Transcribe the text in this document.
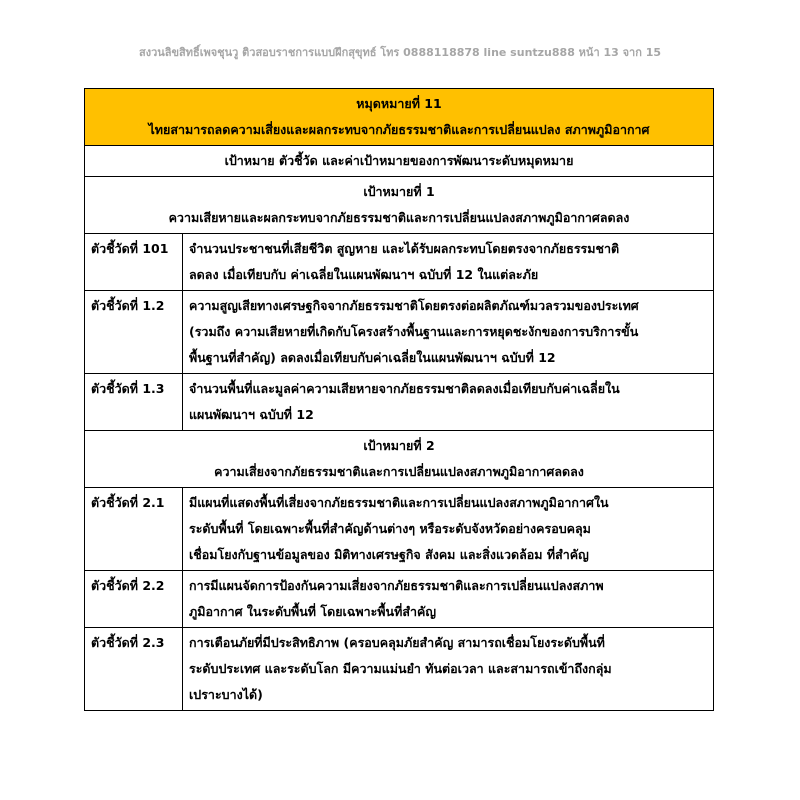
สงวนลิขสิทธิ์เพจชุนวู ติวสอบราชการแบบฝึกสุขุทธ์ โทร 0888118878 line suntzu888 หน้า 13 จาก 15
หมุดหมายที่ 11
ไทยสามารถลดความเสี่ยงและผลกระทบจากภัยธรรมชาติและการเปลี่ยนแปลง สภาพภูมิอากาศ	

เป้าหมาย ตัวชี้วัด และค่าเป้าหมายของการพัฒนาระดับหมุดหมาย	

เป้าหมายที่ 1
ความเสียหายและผลกระทบจากภัยธรรมชาติและการเปลี่ยนแปลงสภาพภูมิอากาศลดลง	

ตัวชี้วัดที่ 101	จำนวนประชาชนที่เสียชีวิต สูญหาย และได้รับผลกระทบโดยตรงจากภัยธรรมชาติ
ลดลง เมื่อเทียบกับ ค่าเฉลี่ยในแผนพัฒนาฯ ฉบับที่ 12 ในแต่ละภัย

ตัวชี้วัดที่ 1.2	ความสูญเสียทางเศรษฐกิจจากภัยธรรมชาติโดยตรงต่อผลิตภัณฑ์มวลรวมของประเทศ
(รวมถึง ความเสียหายที่เกิดกับโครงสร้างพื้นฐานและการหยุดชะงักของการบริการขั้น
พื้นฐานที่สำคัญ) ลดลงเมื่อเทียบกับค่าเฉลี่ยในแผนพัฒนาฯ ฉบับที่ 12

ตัวชี้วัดที่ 1.3	จำนวนพื้นที่และมูลค่าความเสียหายจากภัยธรรมชาติลดลงเมื่อเทียบกับค่าเฉลี่ยใน
แผนพัฒนาฯ ฉบับที่ 12

เป้าหมายที่ 2
ความเสี่ยงจากภัยธรรมชาติและการเปลี่ยนแปลงสภาพภูมิอากาศลดลง	

ตัวชี้วัดที่ 2.1	มีแผนที่แสดงพื้นที่เสี่ยงจากภัยธรรมชาติและการเปลี่ยนแปลงสภาพภูมิอากาศใน
ระดับพื้นที่ โดยเฉพาะพื้นที่สำคัญด้านต่างๆ หรือระดับจังหวัดอย่างครอบคลุม
เชื่อมโยงกับฐานข้อมูลของ มิติทางเศรษฐกิจ สังคม และสิ่งแวดล้อม ที่สำคัญ

ตัวชี้วัดที่ 2.2	การมีแผนจัดการป้องกันความเสี่ยงจากภัยธรรมชาติและการเปลี่ยนแปลงสภาพ
ภูมิอากาศ ในระดับพื้นที่ โดยเฉพาะพื้นที่สำคัญ

ตัวชี้วัดที่ 2.3	การเตือนภัยที่มีประสิทธิภาพ (ครอบคลุมภัยสำคัญ สามารถเชื่อมโยงระดับพื้นที่
ระดับประเทศ และระดับโลก มีความแม่นยำ ทันต่อเวลา และสามารถเข้าถึงกลุ่ม
เปราะบางได้)
